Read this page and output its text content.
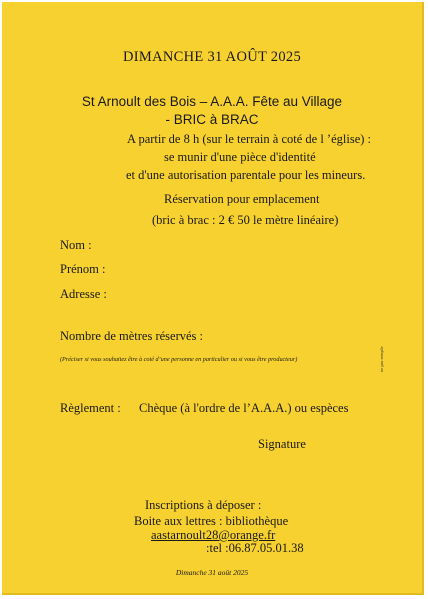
DIMANCHE 31 AOÛT 2025
St Arnoult des Bois – A.A.A. Fête au Village
- BRIC à BRAC
A partir de 8 h (sur le terrain à coté de l ’église) :
se munir d'une pièce d'identité
et d'une autorisation parentale pour les mineurs.
Réservation pour emplacement
(bric à brac : 2 € 50 le mètre linéaire)
Nom :
Prénom :
Adresse :
Nombre de mètres réservés :
(Préciser si vous souhaitez être à coté d’une personne en particulier ou si vous être producteur)	ne pas remplir
Règlement : Chèque (à l'ordre de l’A.A.A.) ou espèces
Signature
Inscriptions à déposer :
Boite aux lettres : bibliothèque
aastarnoult28@orange.fr
:tel :06.87.05.01.38
Dimanche 31 août 2025
